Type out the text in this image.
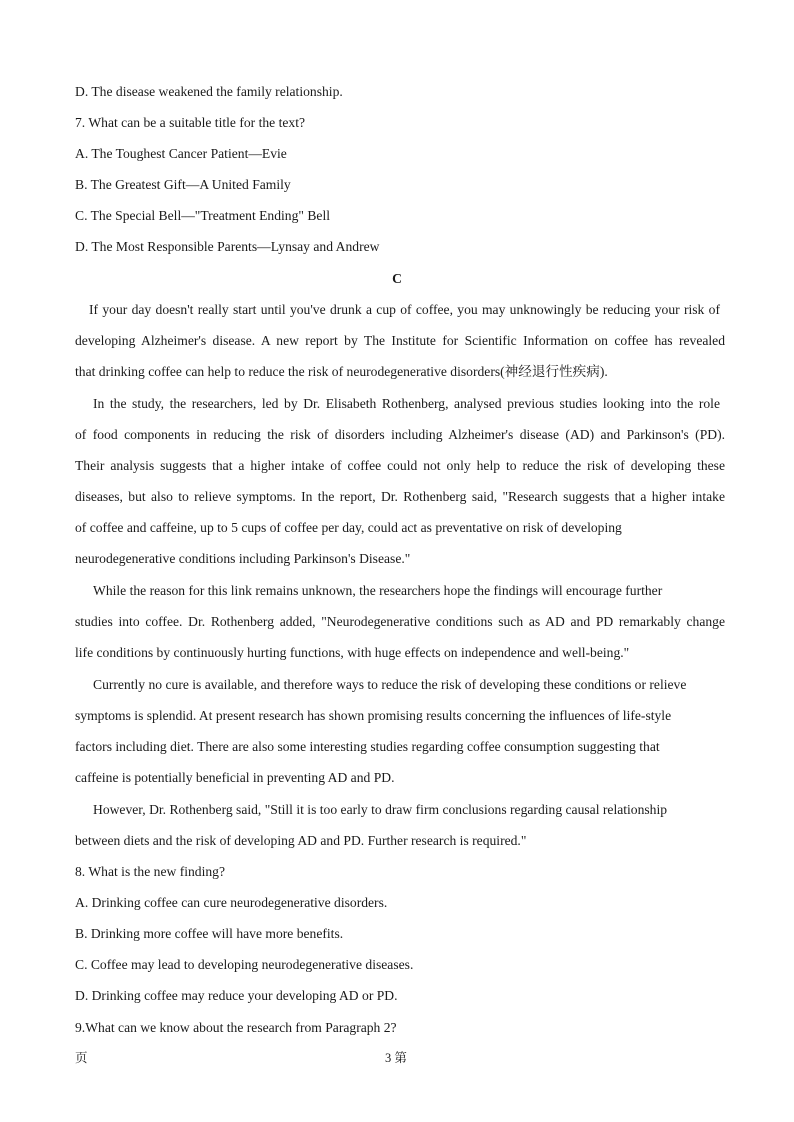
D. The disease weakened the family relationship.
7. What can be a suitable title for the text?
A. The Toughest Cancer Patient—Evie
B. The Greatest Gift—A United Family
C. The Special Bell—"Treatment Ending" Bell
D. The Most Responsible Parents—Lynsay and Andrew
C
If your day doesn't really start until you've drunk a cup of coffee, you may unknowingly be reducing your risk of
developing Alzheimer's disease. A new report by The Institute for Scientific Information on coffee has revealed
that drinking coffee can help to reduce the risk of neurodegenerative disorders(神经退行性疾病).
In the study, the researchers, led by Dr. Elisabeth Rothenberg, analysed previous studies looking into the role
of food components in reducing the risk of disorders including Alzheimer's disease (AD) and Parkinson's (PD).
Their analysis suggests that a higher intake of coffee could not only help to reduce the risk of developing these
diseases, but also to relieve symptoms. In the report, Dr. Rothenberg said, "Research suggests that a higher intake
of coffee and caffeine, up to 5 cups of coffee per day, could act as preventative on risk of developing
neurodegenerative conditions including Parkinson's Disease."
While the reason for this link remains unknown, the researchers hope the findings will encourage further
studies into coffee. Dr. Rothenberg added, "Neurodegenerative conditions such as AD and PD remarkably change
life conditions by continuously hurting functions, with huge effects on independence and well-being."
Currently no cure is available, and therefore ways to reduce the risk of developing these conditions or relieve
symptoms is splendid. At present research has shown promising results concerning the influences of life-style
factors including diet. There are also some interesting studies regarding coffee consumption suggesting that
caffeine is potentially beneficial in preventing AD and PD.
However, Dr. Rothenberg said, "Still it is too early to draw firm conclusions regarding causal relationship
between diets and the risk of developing AD and PD. Further research is required."
8. What is the new finding?
A. Drinking coffee can cure neurodegenerative disorders.
B. Drinking more coffee will have more benefits.
C. Coffee may lead to developing neurodegenerative diseases.
D. Drinking coffee may reduce your developing AD or PD.
9.What can we know about the research from Paragraph 2?
页	3 第
